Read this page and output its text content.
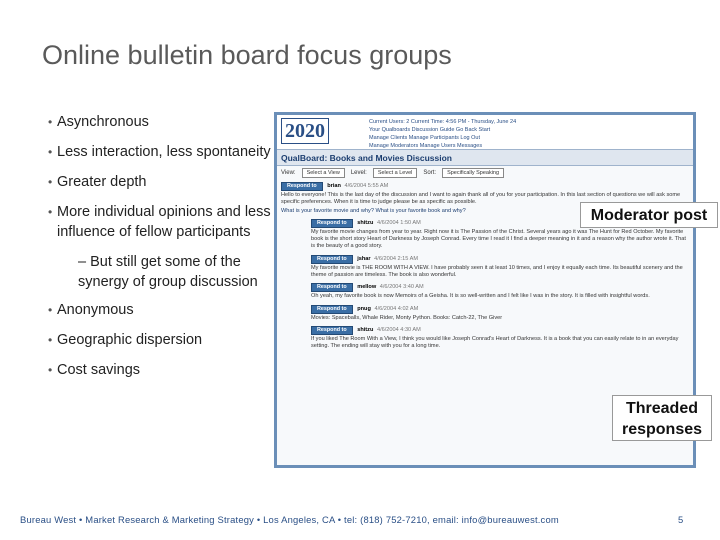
Online bulletin board focus groups
• Asynchronous
• Less interaction, less spontaneity
• Greater depth
• More individual opinions and less influence of fellow participants
– But still get some of the synergy of group discussion
• Anonymous
• Geographic dispersion
• Cost savings
2020	Current Users: 2 Current Time: 4:56 PM - Thursday, June 24
Your Qualboards Discussion Guide Go Back Start
Manage Clients Manage Participants Log Out
Manage Moderators Manage Users Messages
QualBoard: Books and Movies Discussion
View:	Select a View	Level:	Select a Level	Sort:	Specifically Speaking
Respond to brian 4/6/2004 5:55 AM
Hello to everyone! This is the last day of the discussion and I want to again thank all of you for your participation. In this last section of questions we will ask some specific preferences. When it is time to judge please be as specific as possible.
What is your favorite movie and why? What is your favorite book and why?
Respond to shitzu 4/6/2004 1:50 AM
My favorite movie changes from year to year. Right now it is The Passion of the Christ. Several years ago it was The Hunt for Red October. My favorite book is the short story Heart of Darkness by Joseph Conrad. Every time I read it I find a deeper meaning in it and a reason why the author wrote it. That is the beauty of a good story.
Respond to jshar 4/6/2004 2:15 AM
My favorite movie is THE ROOM WITH A VIEW. I have probably seen it at least 10 times, and I enjoy it equally each time. Its beautiful scenery and the theme of passion are timeless. The book is also wonderful.
Respond to mellow 4/6/2004 3:40 AM
Oh yeah, my favorite book is now Memoirs of a Geisha. It is so well-written and I felt like I was in the story. It is filled with insightful words.
Respond to pnug 4/6/2004 4:02 AM
Movies: Spaceballs, Whale Rider, Monty Python. Books: Catch-22, The Giver
Respond to shitzu 4/6/2004 4:30 AM
If you liked The Room With a View, I think you would like Joseph Conrad's Heart of Darkness. It is a book that you can easily relate to in an everyday setting. The ending will stay with you for a long time.
Moderator post
Threaded responses
Bureau West • Market Research & Marketing Strategy • Los Angeles, CA • tel: (818) 752-7210, email: info@bureauwest.com	5
